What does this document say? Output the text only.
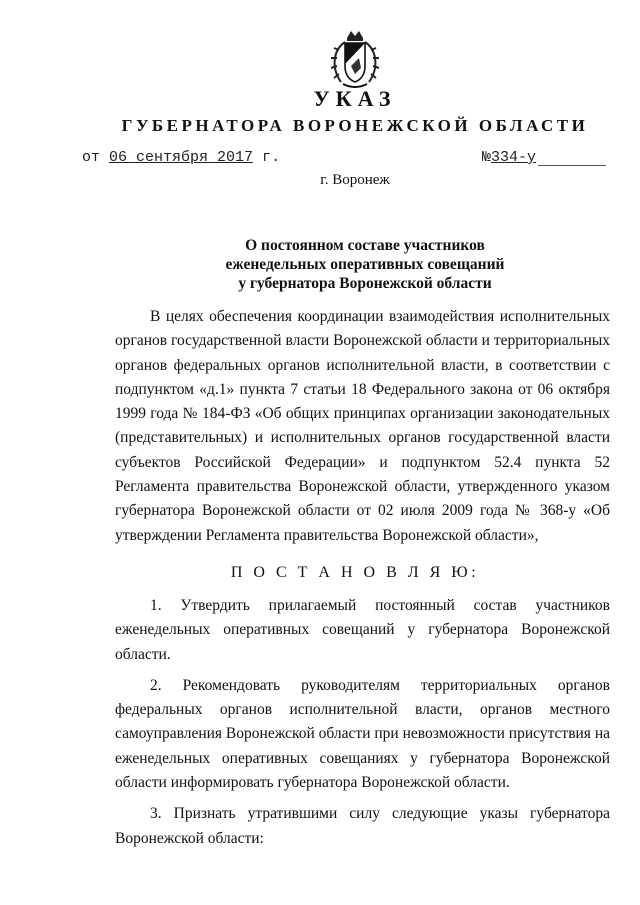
УКАЗ
ГУБЕРНАТОРА ВОРОНЕЖСКОЙ ОБЛАСТИ
от 06 сентября 2017 г.	№334-у
г. Воронеж
О постоянном составе участников
еженедельных оперативных совещаний
у губернатора Воронежской области

В целях обеспечения координации взаимодействия исполнительных органов государственной власти Воронежской области и территориальных органов федеральных органов исполнительной власти, в соответствии с подпунктом «д.1» пункта 7 статьи 18 Федерального закона от 06 октября 1999 года № 184-ФЗ «Об общих принципах организации законодательных (представительных) и исполнительных органов государственной власти субъектов Российской Федерации» и подпунктом 52.4 пункта 52 Регламента правительства Воронежской области, утвержденного указом губернатора Воронежской области от 02 июля 2009 года № 368-у «Об утверждении Регламента правительства Воронежской области»,

П О С Т А Н О В Л Я Ю:

1. Утвердить прилагаемый постоянный состав участников еженедельных оперативных совещаний у губернатора Воронежской области.

2. Рекомендовать руководителям территориальных органов федеральных органов исполнительной власти, органов местного самоуправления Воронежской области при невозможности присутствия на еженедельных оперативных совещаниях у губернатора Воронежской области информировать губернатора Воронежской области.

3. Признать утратившими силу следующие указы губернатора Воронежской области:
